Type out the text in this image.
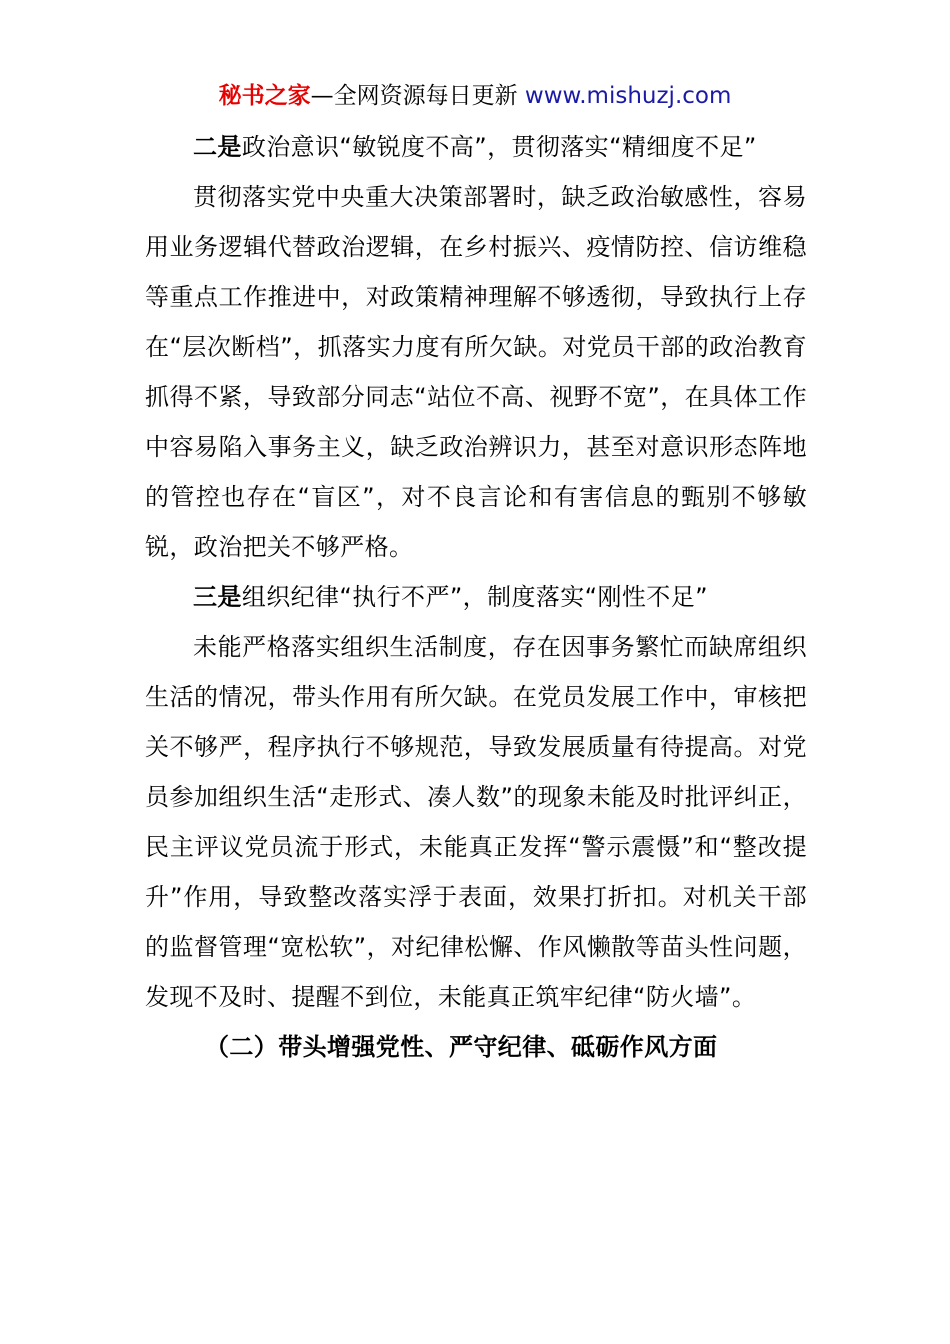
秘书之家—全网资源每日更新 www.mishuzj.com

二是政治意识“敏锐度不高”，贯彻落实“精细度不足”

贯彻落实党中央重大决策部署时，缺乏政治敏感性，容易用业务逻辑代替政治逻辑，在乡村振兴、疫情防控、信访维稳等重点工作推进中，对政策精神理解不够透彻，导致执行上存在“层次断档”，抓落实力度有所欠缺。对党员干部的政治教育抓得不紧，导致部分同志“站位不高、视野不宽”，在具体工作中容易陷入事务主义，缺乏政治辨识力，甚至对意识形态阵地的管控也存在“盲区”，对不良言论和有害信息的甄别不够敏锐，政治把关不够严格。

三是组织纪律“执行不严”，制度落实“刚性不足”

未能严格落实组织生活制度，存在因事务繁忙而缺席组织生活的情况，带头作用有所欠缺。在党员发展工作中，审核把关不够严，程序执行不够规范，导致发展质量有待提高。对党员参加组织生活“走形式、凑人数”的现象未能及时批评纠正，民主评议党员流于形式，未能真正发挥“警示震慑”和“整改提升”作用，导致整改落实浮于表面，效果打折扣。对机关干部的监督管理“宽松软”，对纪律松懈、作风懒散等苗头性问题，发现不及时、提醒不到位，未能真正筑牢纪律“防火墙”。

（二）带头增强党性、严守纪律、砥砺作风方面
